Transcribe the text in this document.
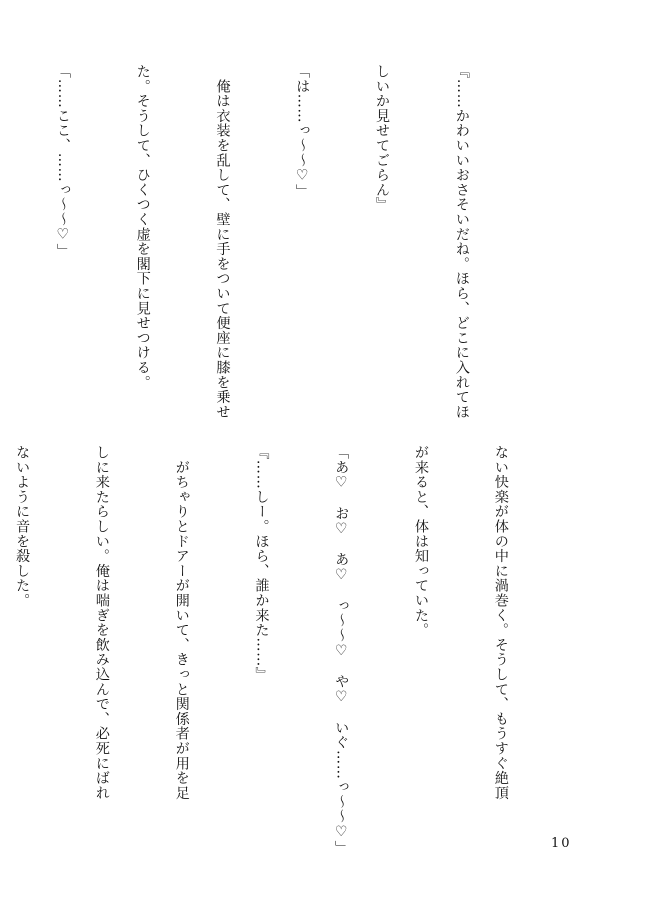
『……かわいいおさそいだね。ほら、どこに入れてほ

しいか見せてごらん』

「は……っ～～♡」

　俺は衣装を乱して、壁に手をついて便座に膝を乗せ

た。そうして、ひくつく虚を閣下に見せつける。

「……ここ、……っ～～♡」

ない快楽が体の中に渦巻く。そうして、もうすぐ絶頂

が来ると、体は知っていた。

「あ♡　お♡　あ♡　っ～～♡　や♡　いぐ……っ～～♡」

『……しー。ほら、誰か来た……』

　がちゃりとドアーが開いて、きっと関係者が用を足

しに来たらしい。俺は喘ぎを飲み込んで、必死にばれ

ないように音を殺した。

10
